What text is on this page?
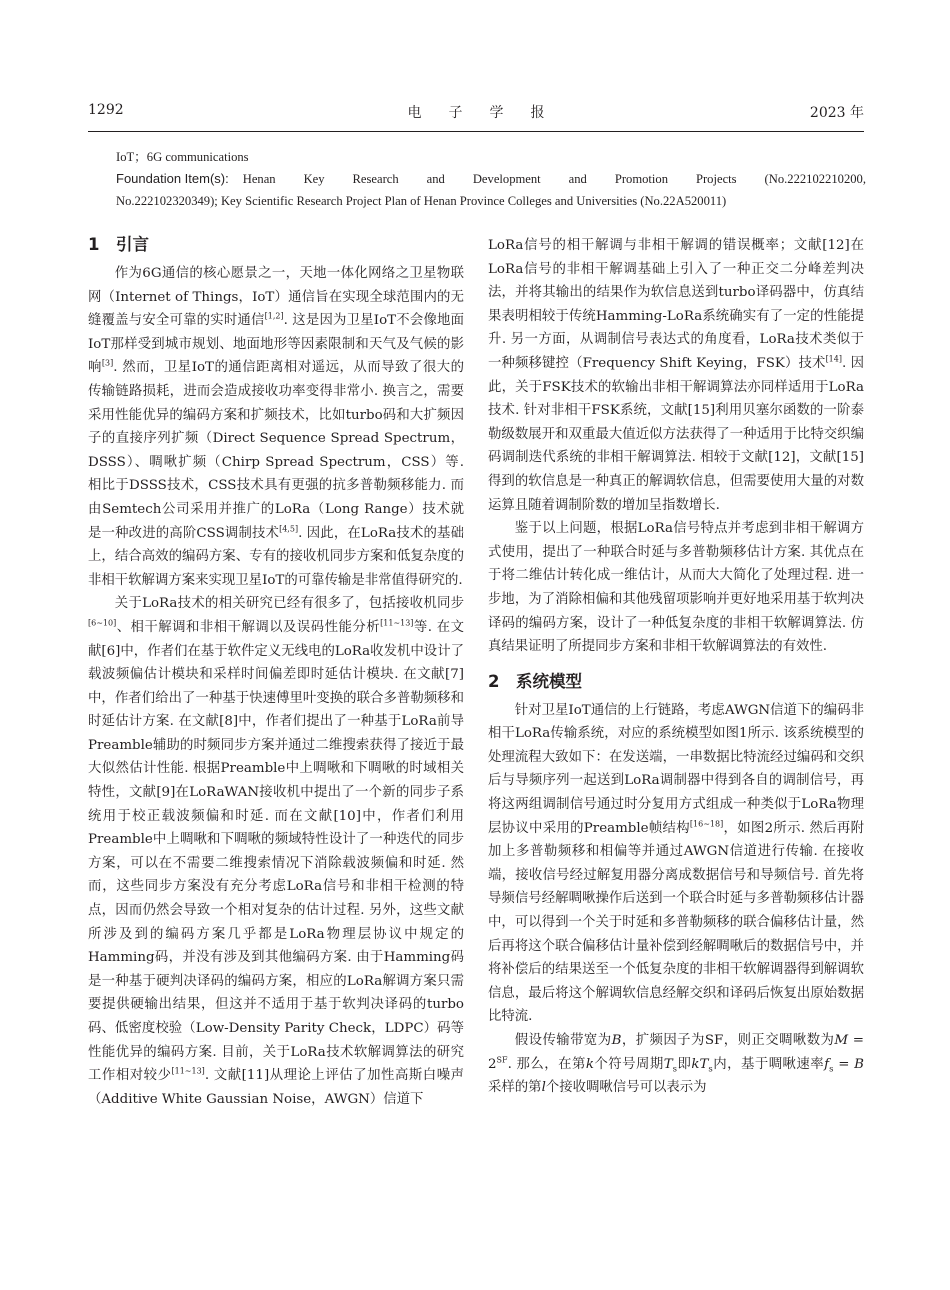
1292	电子学报	2023 年
IoT；6G communications
Foundation Item(s): Henan Key Research and Development and Promotion Projects (No.222102210200,
No.222102320349); Key Scientific Research Project Plan of Henan Province Colleges and Universities (No.22A520011)
1 引言

作为6G通信的核心愿景之一，天地一体化网络之卫星物联网（Internet of Things，IoT）通信旨在实现全球范围内的无缝覆盖与安全可靠的实时通信[1,2]. 这是因为卫星IoT不会像地面IoT那样受到城市规划、地面地形等因素限制和天气及气候的影响[3]. 然而，卫星IoT的通信距离相对遥远，从而导致了很大的传输链路损耗，进而会造成接收功率变得非常小. 换言之，需要采用性能优异的编码方案和扩频技术，比如turbo码和大扩频因子的直接序列扩频（Direct Sequence Spread Spectrum，DSSS）、啁啾扩频（Chirp Spread Spectrum，CSS）等. 相比于DSSS技术，CSS技术具有更强的抗多普勒频移能力. 而由Semtech公司采用并推广的LoRa（Long Range）技术就是一种改进的高阶CSS调制技术[4,5]. 因此，在LoRa技术的基础上，结合高效的编码方案、专有的接收机同步方案和低复杂度的非相干软解调方案来实现卫星IoT的可靠传输是非常值得研究的.

关于LoRa技术的相关研究已经有很多了，包括接收机同步[6~10]、相干解调和非相干解调以及误码性能分析[11~13]等. 在文献[6]中，作者们在基于软件定义无线电的LoRa收发机中设计了载波频偏估计模块和采样时间偏差即时延估计模块. 在文献[7]中，作者们给出了一种基于快速傅里叶变换的联合多普勒频移和时延估计方案. 在文献[8]中，作者们提出了一种基于LoRa前导Preamble辅助的时频同步方案并通过二维搜索获得了接近于最大似然估计性能. 根据Preamble中上啁啾和下啁啾的时域相关特性，文献[9]在LoRaWAN接收机中提出了一个新的同步子系统用于校正载波频偏和时延. 而在文献[10]中，作者们利用Preamble中上啁啾和下啁啾的频域特性设计了一种迭代的同步方案，可以在不需要二维搜索情况下消除载波频偏和时延. 然而，这些同步方案没有充分考虑LoRa信号和非相干检测的特点，因而仍然会导致一个相对复杂的估计过程. 另外，这些文献所涉及到的编码方案几乎都是LoRa物理层协议中规定的Hamming码，并没有涉及到其他编码方案. 由于Hamming码是一种基于硬判决译码的编码方案，相应的LoRa解调方案只需要提供硬输出结果，但这并不适用于基于软判决译码的turbo码、低密度校验（Low-Density Parity Check，LDPC）码等性能优异的编码方案. 目前，关于LoRa技术软解调算法的研究工作相对较少[11~13]. 文献[11]从理论上评估了加性高斯白噪声（Additive White Gaussian Noise，AWGN）信道下

LoRa信号的相干解调与非相干解调的错误概率；文献[12]在LoRa信号的非相干解调基础上引入了一种正交二分峰差判决法，并将其输出的结果作为软信息送到turbo译码器中，仿真结果表明相较于传统Hamming-LoRa系统确实有了一定的性能提升. 另一方面，从调制信号表达式的角度看，LoRa技术类似于一种频移键控（Frequency Shift Keying，FSK）技术[14]. 因此，关于FSK技术的软输出非相干解调算法亦同样适用于LoRa技术. 针对非相干FSK系统，文献[15]利用贝塞尔函数的一阶泰勒级数展开和双重最大值近似方法获得了一种适用于比特交织编码调制迭代系统的非相干解调算法. 相较于文献[12]，文献[15]得到的软信息是一种真正的解调软信息，但需要使用大量的对数运算且随着调制阶数的增加呈指数增长.

鉴于以上问题，根据LoRa信号特点并考虑到非相干解调方式使用，提出了一种联合时延与多普勒频移估计方案. 其优点在于将二维估计转化成一维估计，从而大大简化了处理过程. 进一步地，为了消除相偏和其他残留项影响并更好地采用基于软判决译码的编码方案，设计了一种低复杂度的非相干软解调算法. 仿真结果证明了所提同步方案和非相干软解调算法的有效性.

2 系统模型

针对卫星IoT通信的上行链路，考虑AWGN信道下的编码非相干LoRa传输系统，对应的系统模型如图1所示. 该系统模型的处理流程大致如下：在发送端，一串数据比特流经过编码和交织后与导频序列一起送到LoRa调制器中得到各自的调制信号，再将这两组调制信号通过时分复用方式组成一种类似于LoRa物理层协议中采用的Preamble帧结构[16~18]，如图2所示. 然后再附加上多普勒频移和相偏等并通过AWGN信道进行传输. 在接收端，接收信号经过解复用器分离成数据信号和导频信号. 首先将导频信号经解啁啾操作后送到一个联合时延与多普勒频移估计器中，可以得到一个关于时延和多普勒频移的联合偏移估计量，然后再将这个联合偏移估计量补偿到经解啁啾后的数据信号中，并将补偿后的结果送至一个低复杂度的非相干软解调器得到解调软信息，最后将这个解调软信息经解交织和译码后恢复出原始数据比特流.

假设传输带宽为B，扩频因子为SF，则正交啁啾数为$M = 2^{SF}$. 那么，在第k个符号周期$T_s$即$kT_s$内，基于啁啾速率$f_s = B$采样的第l个接收啁啾信号可以表示为
